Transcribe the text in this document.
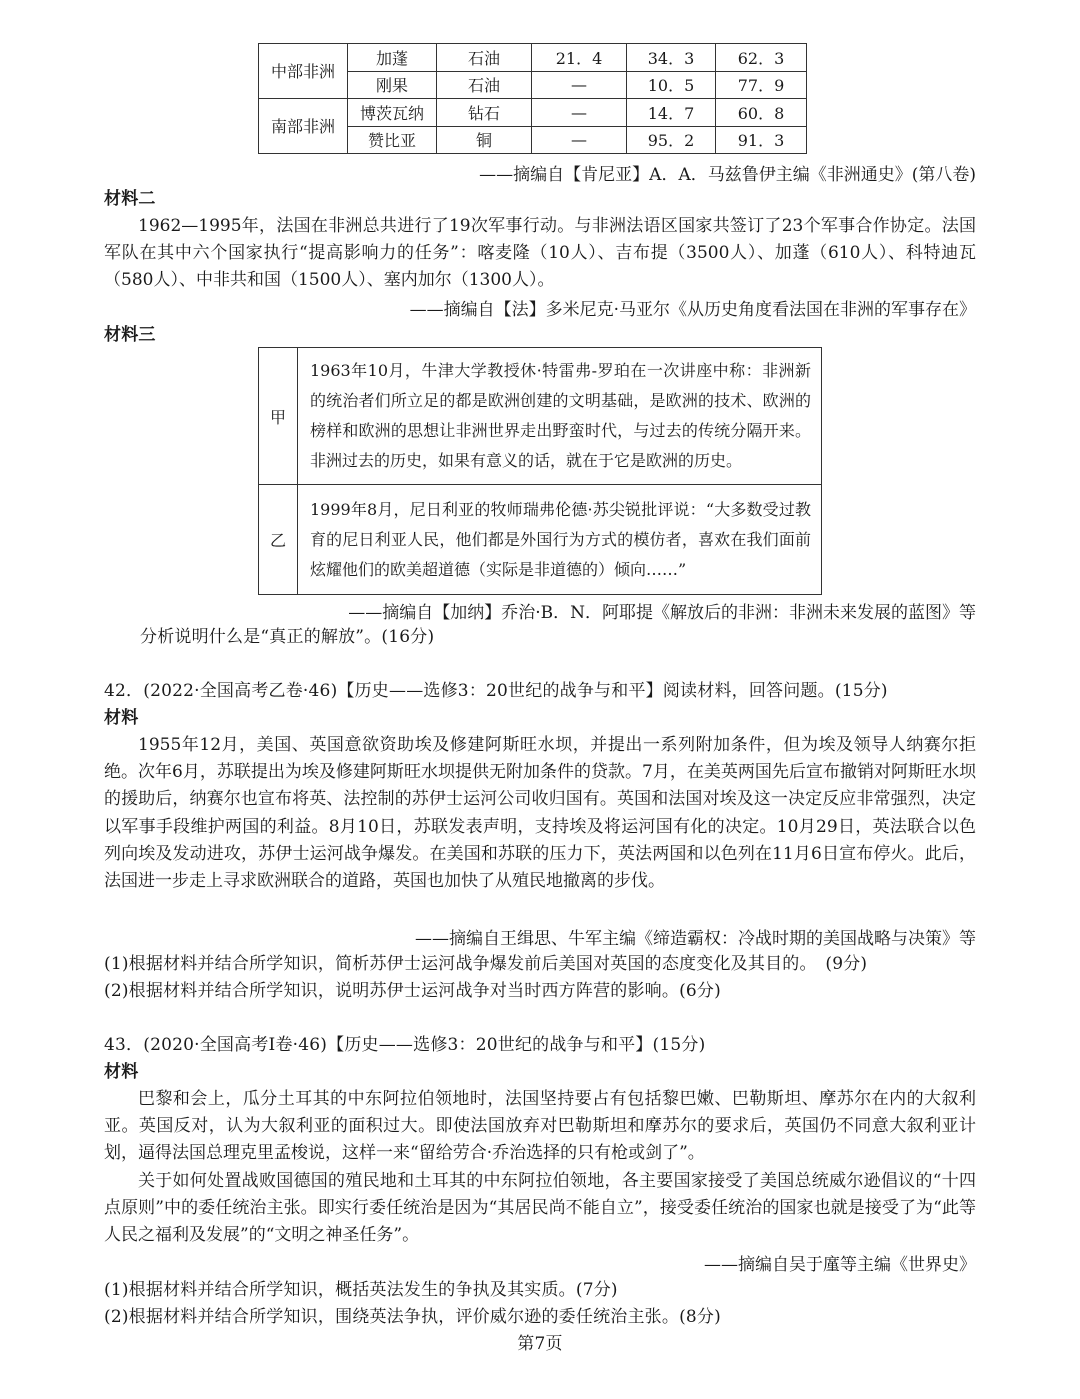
中部非洲	加蓬	石油	21．4	34．3	62．3
	刚果	石油	—	10．5	77．9
南部非洲	博茨瓦纳	钻石	—	14．7	60．8
	赞比亚	铜	—	95．2	91．3
——摘编自【肯尼亚】A．A．马兹鲁伊主编《非洲通史》(第八卷)
材料二

1962—1995年，法国在非洲总共进行了19次军事行动。与非洲法语区国家共签订了23个军事合作协定。法国军队在其中六个国家执行“提高影响力的任务”：喀麦隆（10人）、吉布提（3500人）、加蓬（610人）、科特迪瓦（580人）、中非共和国（1500人）、塞内加尔（1300人）。

——摘编自【法】多米尼克·马亚尔《从历史角度看法国在非洲的军事存在》
材料三
甲	1963年10月，牛津大学教授休·特雷弗-罗珀在一次讲座中称：非洲新的统治者们所立足的都是欧洲创建的文明基础，是欧洲的技术、欧洲的榜样和欧洲的思想让非洲世界走出野蛮时代，与过去的传统分隔开来。非洲过去的历史，如果有意义的话，就在于它是欧洲的历史。
乙	1999年8月，尼日利亚的牧师瑞弗伦德·苏尖锐批评说：“大多数受过教育的尼日利亚人民，他们都是外国行为方式的模仿者，喜欢在我们面前炫耀他们的欧美超道德（实际是非道德的）倾向……”
——摘编自【加纳】乔治·B．N．阿耶提《解放后的非洲：非洲未来发展的蓝图》等
分析说明什么是“真正的解放”。(16分)
42．(2022·全国高考乙卷·46)【历史——选修3：20世纪的战争与和平】阅读材料，回答问题。(15分)
材料

1955年12月，美国、英国意欲资助埃及修建阿斯旺水坝，并提出一系列附加条件，但为埃及领导人纳赛尔拒绝。次年6月，苏联提出为埃及修建阿斯旺水坝提供无附加条件的贷款。7月，在美英两国先后宣布撤销对阿斯旺水坝的援助后，纳赛尔也宣布将英、法控制的苏伊士运河公司收归国有。英国和法国对埃及这一决定反应非常强烈，决定以军事手段维护两国的利益。8月10日，苏联发表声明，支持埃及将运河国有化的决定。10月29日，英法联合以色列向埃及发动进攻，苏伊士运河战争爆发。在美国和苏联的压力下，英法两国和以色列在11月6日宣布停火。此后，法国进一步走上寻求欧洲联合的道路，英国也加快了从殖民地撤离的步伐。

——摘编自王缉思、牛军主编《缔造霸权：冷战时期的美国战略与决策》等
(1)根据材料并结合所学知识，简析苏伊士运河战争爆发前后美国对英国的态度变化及其目的。　(9分)
(2)根据材料并结合所学知识，说明苏伊士运河战争对当时西方阵营的影响。(6分)
43．(2020·全国高考Ⅰ卷·46)【历史——选修3：20世纪的战争与和平】(15分)
材料

巴黎和会上，瓜分土耳其的中东阿拉伯领地时，法国坚持要占有包括黎巴嫩、巴勒斯坦、摩苏尔在内的大叙利亚。英国反对，认为大叙利亚的面积过大。即使法国放弃对巴勒斯坦和摩苏尔的要求后，英国仍不同意大叙利亚计划，逼得法国总理克里孟梭说，这样一来“留给劳合·乔治选择的只有枪或剑了”。

关于如何处置战败国德国的殖民地和土耳其的中东阿拉伯领地，各主要国家接受了美国总统威尔逊倡议的“十四点原则”中的委任统治主张。即实行委任统治是因为“其居民尚不能自立”，接受委任统治的国家也就是接受了为“此等人民之福利及发展”的“文明之神圣任务”。

——摘编自吴于廑等主编《世界史》
(1)根据材料并结合所学知识，概括英法发生的争执及其实质。(7分)
(2)根据材料并结合所学知识，围绕英法争执，评价威尔逊的委任统治主张。(8分)
第7页
